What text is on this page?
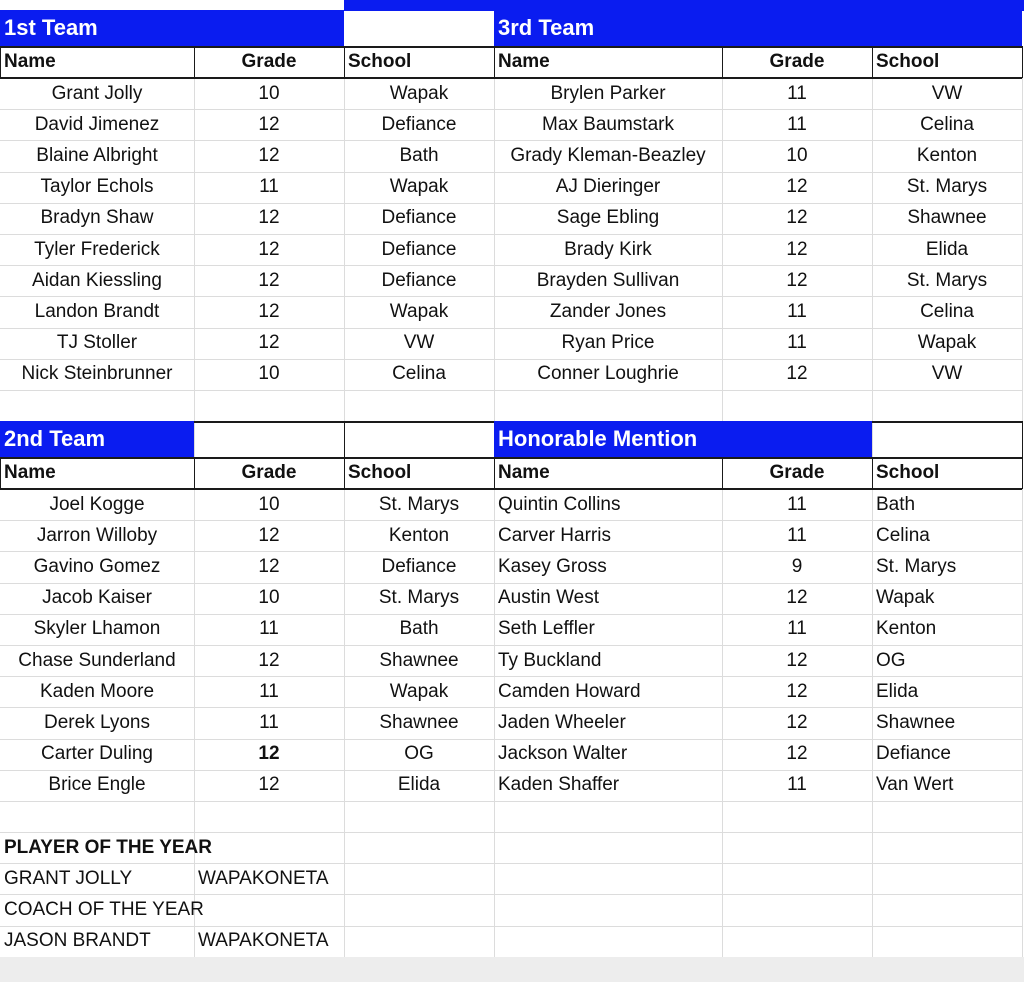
1st Team
Name	Grade	School
Grant Jolly	10	Wapak
David Jimenez	12	Defiance
Blaine Albright	12	Bath
Taylor Echols	11	Wapak
Bradyn Shaw	12	Defiance
Tyler Frederick	12	Defiance
Aidan Kiessling	12	Defiance
Landon Brandt	12	Wapak
TJ Stoller	12	VW
Nick Steinbrunner	10	Celina
3rd Team
Name	Grade	School
Brylen Parker	11	VW
Max Baumstark	11	Celina
Grady Kleman-Beazley	10	Kenton
AJ Dieringer	12	St. Marys
Sage Ebling	12	Shawnee
Brady Kirk	12	Elida
Brayden Sullivan	12	St. Marys
Zander Jones	11	Celina
Ryan Price	11	Wapak
Conner Loughrie	12	VW
2nd Team
Name	Grade	School
Joel Kogge	10	St. Marys
Jarron Willoby	12	Kenton
Gavino Gomez	12	Defiance
Jacob Kaiser	10	St. Marys
Skyler Lhamon	11	Bath
Chase Sunderland	12	Shawnee
Kaden Moore	11	Wapak
Derek Lyons	11	Shawnee
Carter Duling	12	OG
Brice Engle	12	Elida
Honorable Mention
Name	Grade	School
Quintin Collins	11	Bath
Carver Harris	11	Celina
Kasey Gross	9	St. Marys
Austin West	12	Wapak
Seth Leffler	11	Kenton
Ty Buckland	12	OG
Camden Howard	12	Elida
Jaden Wheeler	12	Shawnee
Jackson Walter	12	Defiance
Kaden Shaffer	11	Van Wert
PLAYER OF THE YEAR
GRANT JOLLY	WAPAKONETA
COACH OF THE YEAR
JASON BRANDT	WAPAKONETA
